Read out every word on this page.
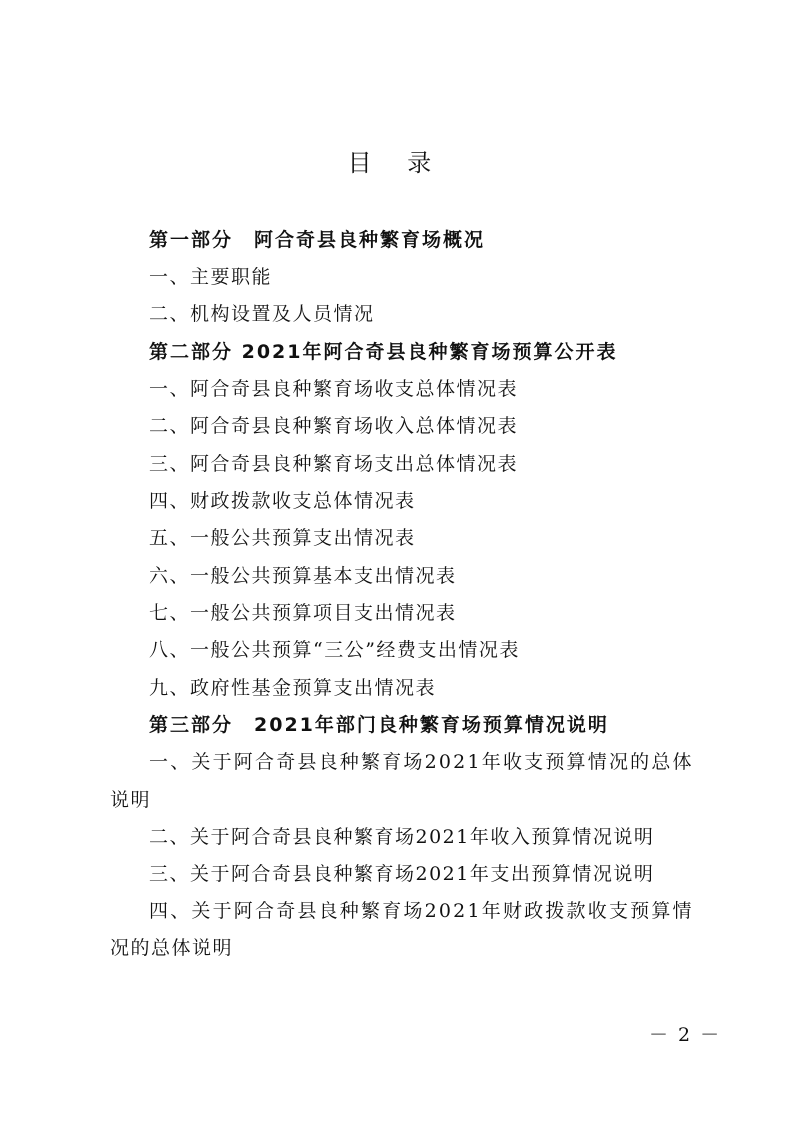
目 录
第一部分　阿合奇县良种繁育场概况
一、主要职能
二、机构设置及人员情况
第二部分 2021年阿合奇县良种繁育场预算公开表
一、阿合奇县良种繁育场收支总体情况表
二、阿合奇县良种繁育场收入总体情况表
三、阿合奇县良种繁育场支出总体情况表
四、财政拨款收支总体情况表
五、一般公共预算支出情况表
六、一般公共预算基本支出情况表
七、一般公共预算项目支出情况表
八、一般公共预算“三公”经费支出情况表
九、政府性基金预算支出情况表
第三部分　2021年部门良种繁育场预算情况说明
一、关于阿合奇县良种繁育场2021年收支预算情况的总体
说明
二、关于阿合奇县良种繁育场2021年收入预算情况说明
三、关于阿合奇县良种繁育场2021年支出预算情况说明
四、关于阿合奇县良种繁育场2021年财政拨款收支预算情
况的总体说明
－ 2 －
